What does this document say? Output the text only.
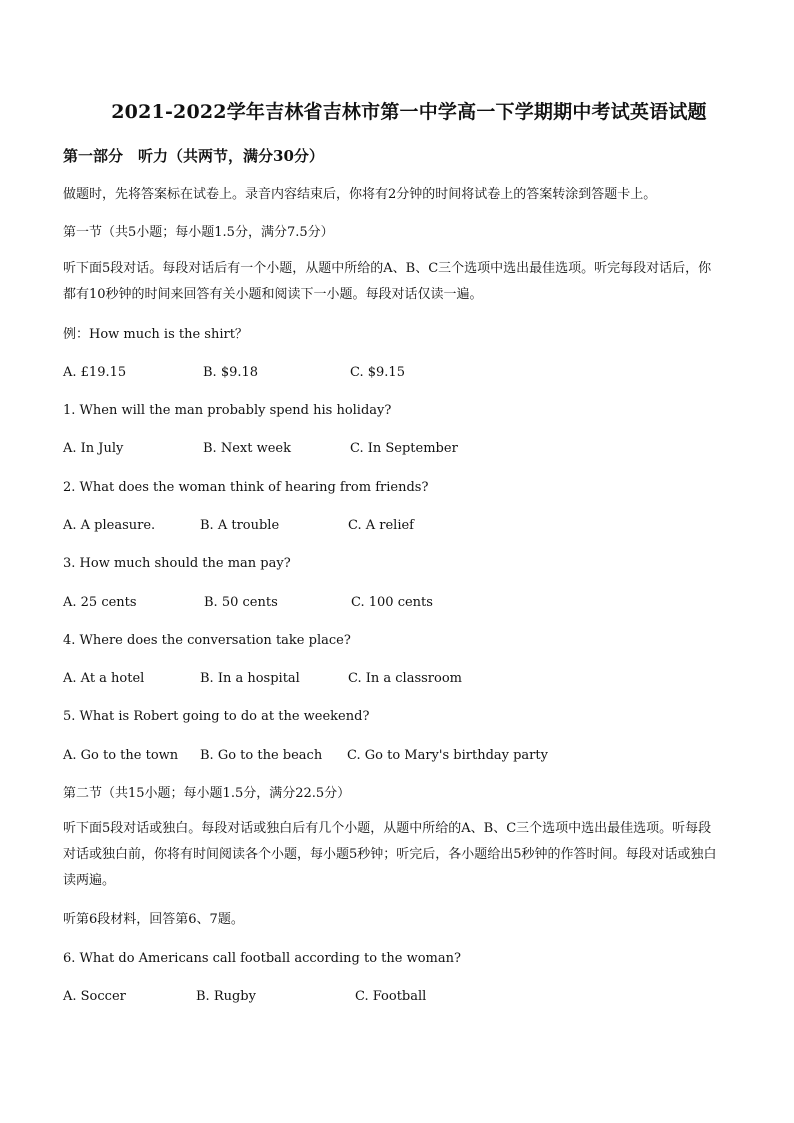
2021-2022学年吉林省吉林市第一中学高一下学期期中考试英语试题
第一部分　听力（共两节，满分30分）
做题时，先将答案标在试卷上。录音内容结束后，你将有2分钟的时间将试卷上的答案转涂到答题卡上。
第一节（共5小题；每小题1.5分，满分7.5分）
听下面5段对话。每段对话后有一个小题，从题中所给的A、B、C三个选项中选出最佳选项。听完每段对话后，你都有10秒钟的时间来回答有关小题和阅读下一小题。每段对话仅读一遍。
例：How much is the shirt？
A. £19.15	B. $9.18	C. $9.15
1. When will the man probably spend his holiday?
A. In July	B. Next week	C. In September
2. What does the woman think of hearing from friends?
A. A pleasure.	B. A trouble	C. A relief
3. How much should the man pay?
A. 25 cents	B. 50 cents	C. 100 cents
4. Where does the conversation take place?
A. At a hotel	B. In a hospital	C. In a classroom
5. What is Robert going to do at the weekend?
A. Go to the town B. Go to the beach C. Go to Mary's birthday party
第二节（共15小题；每小题1.5分，满分22.5分）
听下面5段对话或独白。每段对话或独白后有几个小题，从题中所给的A、B、C三个选项中选出最佳选项。听每段对话或独白前，你将有时间阅读各个小题，每小题5秒钟；听完后，各小题给出5秒钟的作答时间。每段对话或独白读两遍。
听第6段材料，回答第6、7题。
6. What do Americans call football according to the woman?
A. Soccer	B. Rugby	C. Football
